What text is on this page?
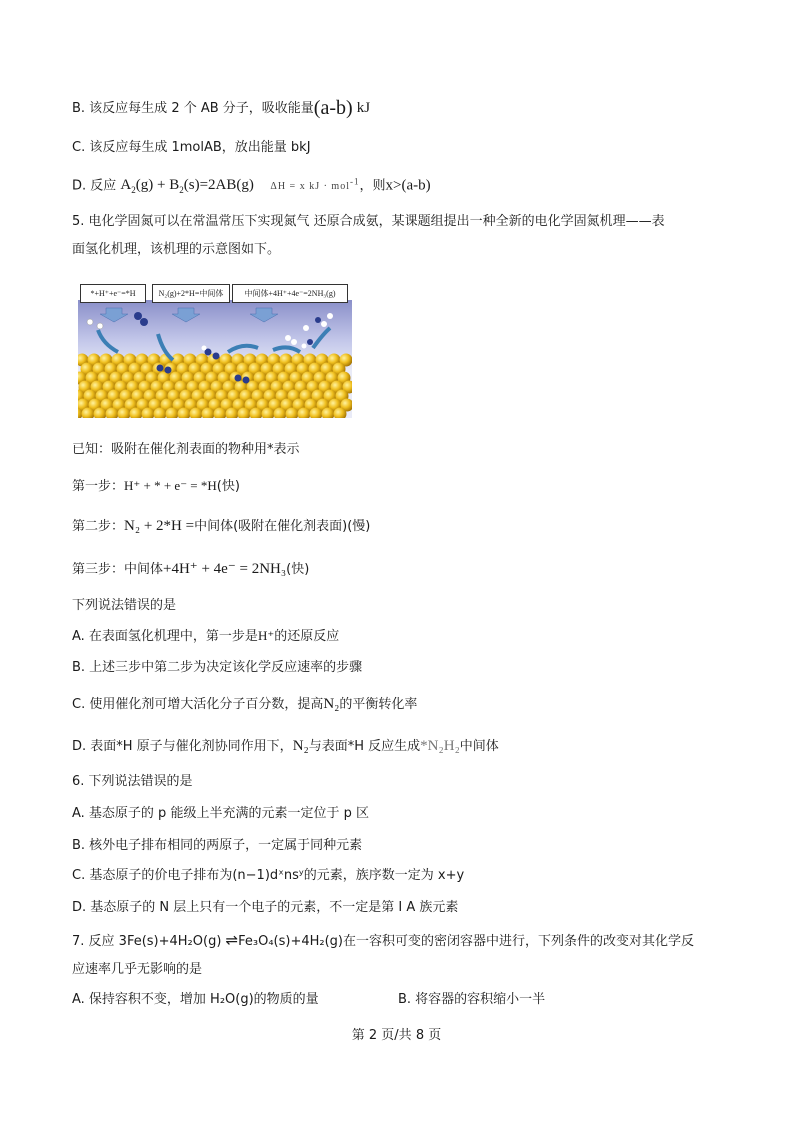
B. 该反应每生成 2 个 AB 分子，吸收能量(a-b) kJ
C. 该反应每生成 1molAB，放出能量 bkJ
D. 反应 $A_2(g) + B_2(s)=2AB(g) \Delta H = x$ kJ · mol$^{-1}$，则x>(a-b)
5. 电化学固氮可以在常温常压下实现氮气 还原合成氨，某课题组提出一种全新的电化学固氮机理——表
面氢化机理，该机理的示意图如下。
*+H⁺+e⁻=*H	N₂(g)+2*H=中间体	中间体+4H⁺+4e⁻=2NH₃(g)
已知：吸附在催化剂表面的物种用*表示
第一步：H⁺ + * + e⁻ = *H(快)
第二步：N₂ + 2*H =中间体(吸附在催化剂表面)(慢)
第三步：中间体+4H⁺ + 4e⁻ = 2NH₃(快)
下列说法错误的是
A. 在表面氢化机理中，第一步是H⁺的还原反应
B. 上述三步中第二步为决定该化学反应速率的步骤
C. 使用催化剂可增大活化分子百分数，提高N₂的平衡转化率
D. 表面*H 原子与催化剂协同作用下，N₂与表面*H 反应生成*N₂H₂中间体
6. 下列说法错误的是
A. 基态原子的 p 能级上半充满的元素一定位于 p 区
B. 核外电子排布相同的两原子，一定属于同种元素
C. 基态原子的价电子排布为(n−1)dˣnsʸ的元素，族序数一定为 x+y
D. 基态原子的 N 层上只有一个电子的元素，不一定是第 I A 族元素
7. 反应 3Fe(s)+4H₂O(g) ⇌Fe₃O₄(s)+4H₂(g)在一容积可变的密闭容器中进行，下列条件的改变对其化学反
应速率几乎无影响的是
A. 保持容积不变，增加 H₂O(g)的物质的量	B. 将容器的容积缩小一半
第 2 页/共 8 页
